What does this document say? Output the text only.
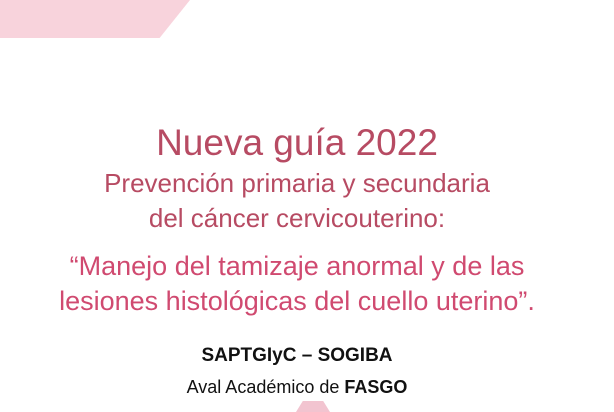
Nueva guía 2022
Prevención primaria y secundaria
del cáncer cervicouterino:
“Manejo del tamizaje anormal y de las
lesiones histológicas del cuello uterino”.
SAPTGIyC – SOGIBA
Aval Académico de FASGO
